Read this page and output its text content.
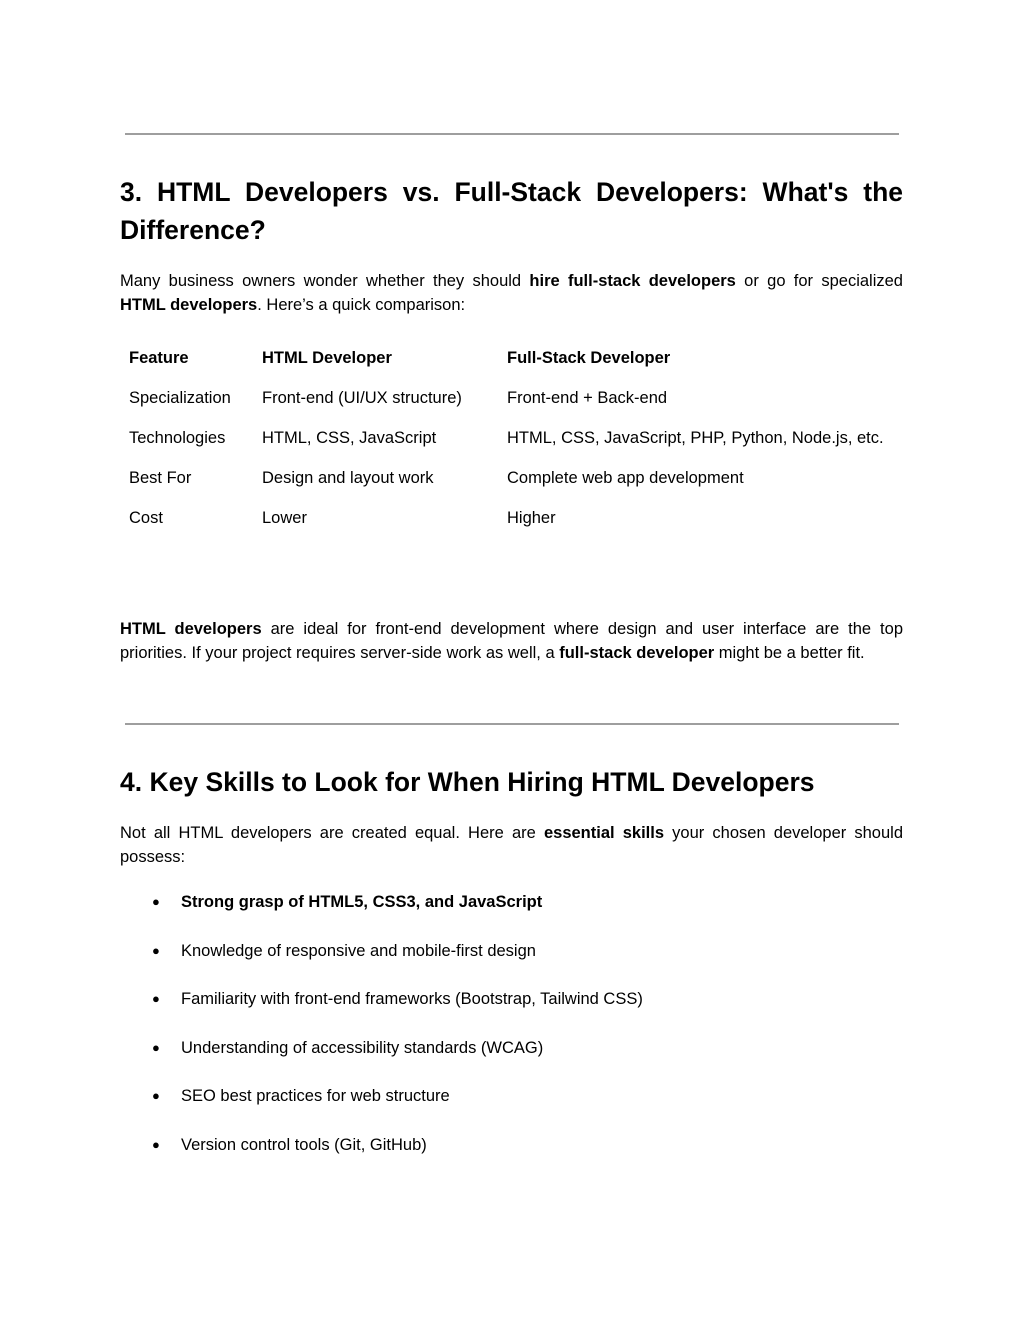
3. HTML Developers vs. Full-Stack Developers: What's the Difference?

Many business owners wonder whether they should hire full-stack developers or go for specialized HTML developers. Here’s a quick comparison:

Feature	HTML Developer	Full-Stack Developer
Specialization	Front-end (UI/UX structure)	Front-end + Back-end
Technologies	HTML, CSS, JavaScript	HTML, CSS, JavaScript, PHP, Python, Node.js, etc.
Best For	Design and layout work	Complete web app development
Cost	Lower	Higher

HTML developers are ideal for front-end development where design and user interface are the top priorities. If your project requires server-side work as well, a full-stack developer might be a better fit.

4. Key Skills to Look for When Hiring HTML Developers

Not all HTML developers are created equal. Here are essential skills your chosen developer should possess:

● Strong grasp of HTML5, CSS3, and JavaScript
● Knowledge of responsive and mobile-first design
● Familiarity with front-end frameworks (Bootstrap, Tailwind CSS)
● Understanding of accessibility standards (WCAG)
● SEO best practices for web structure
● Version control tools (Git, GitHub)
